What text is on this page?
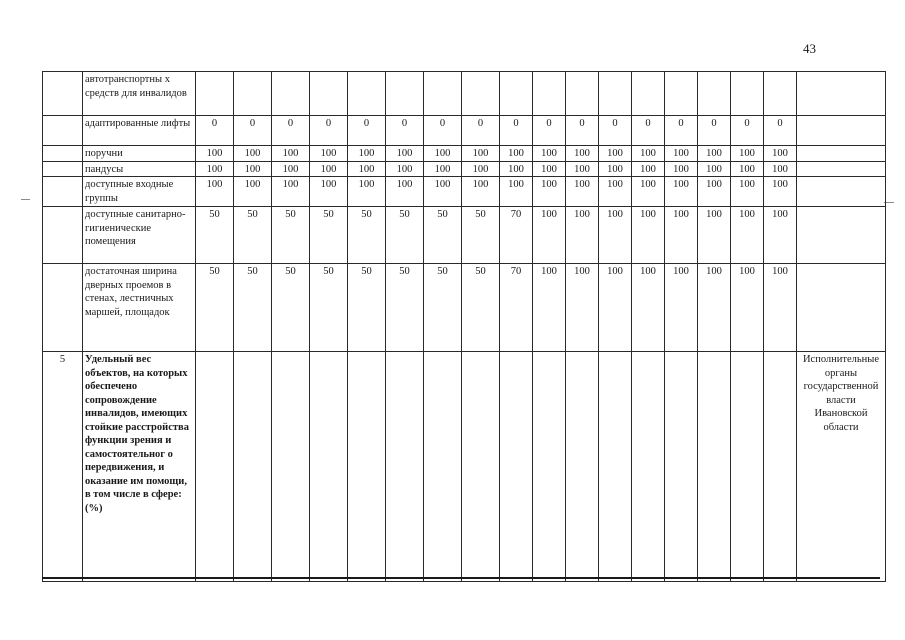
43
	автотранспортны х средств для инвалидов																		
	адаптированные лифты	0	0	0	0	0	0	0	0	0	0	0	0	0	0	0	0	0	
	поручни	100	100	100	100	100	100	100	100	100	100	100	100	100	100	100	100	100	
	пандусы	100	100	100	100	100	100	100	100	100	100	100	100	100	100	100	100	100	
	доступные входные группы	100	100	100	100	100	100	100	100	100	100	100	100	100	100	100	100	100	
	доступные санитарно-гигиенические помещения	50	50	50	50	50	50	50	50	70	100	100	100	100	100	100	100	100	
	достаточная ширина дверных проемов в стенах, лестничных маршей, площадок	50	50	50	50	50	50	50	50	70	100	100	100	100	100	100	100	100	
5	Удельный вес объектов, на которых обеспечено сопровождение инвалидов, имеющих стойкие расстройства функции зрения и самостоятельног о передвижения, и оказание им помощи, в том числе в сфере: (%)																		Исполнительные органы государственной власти Ивановской области
